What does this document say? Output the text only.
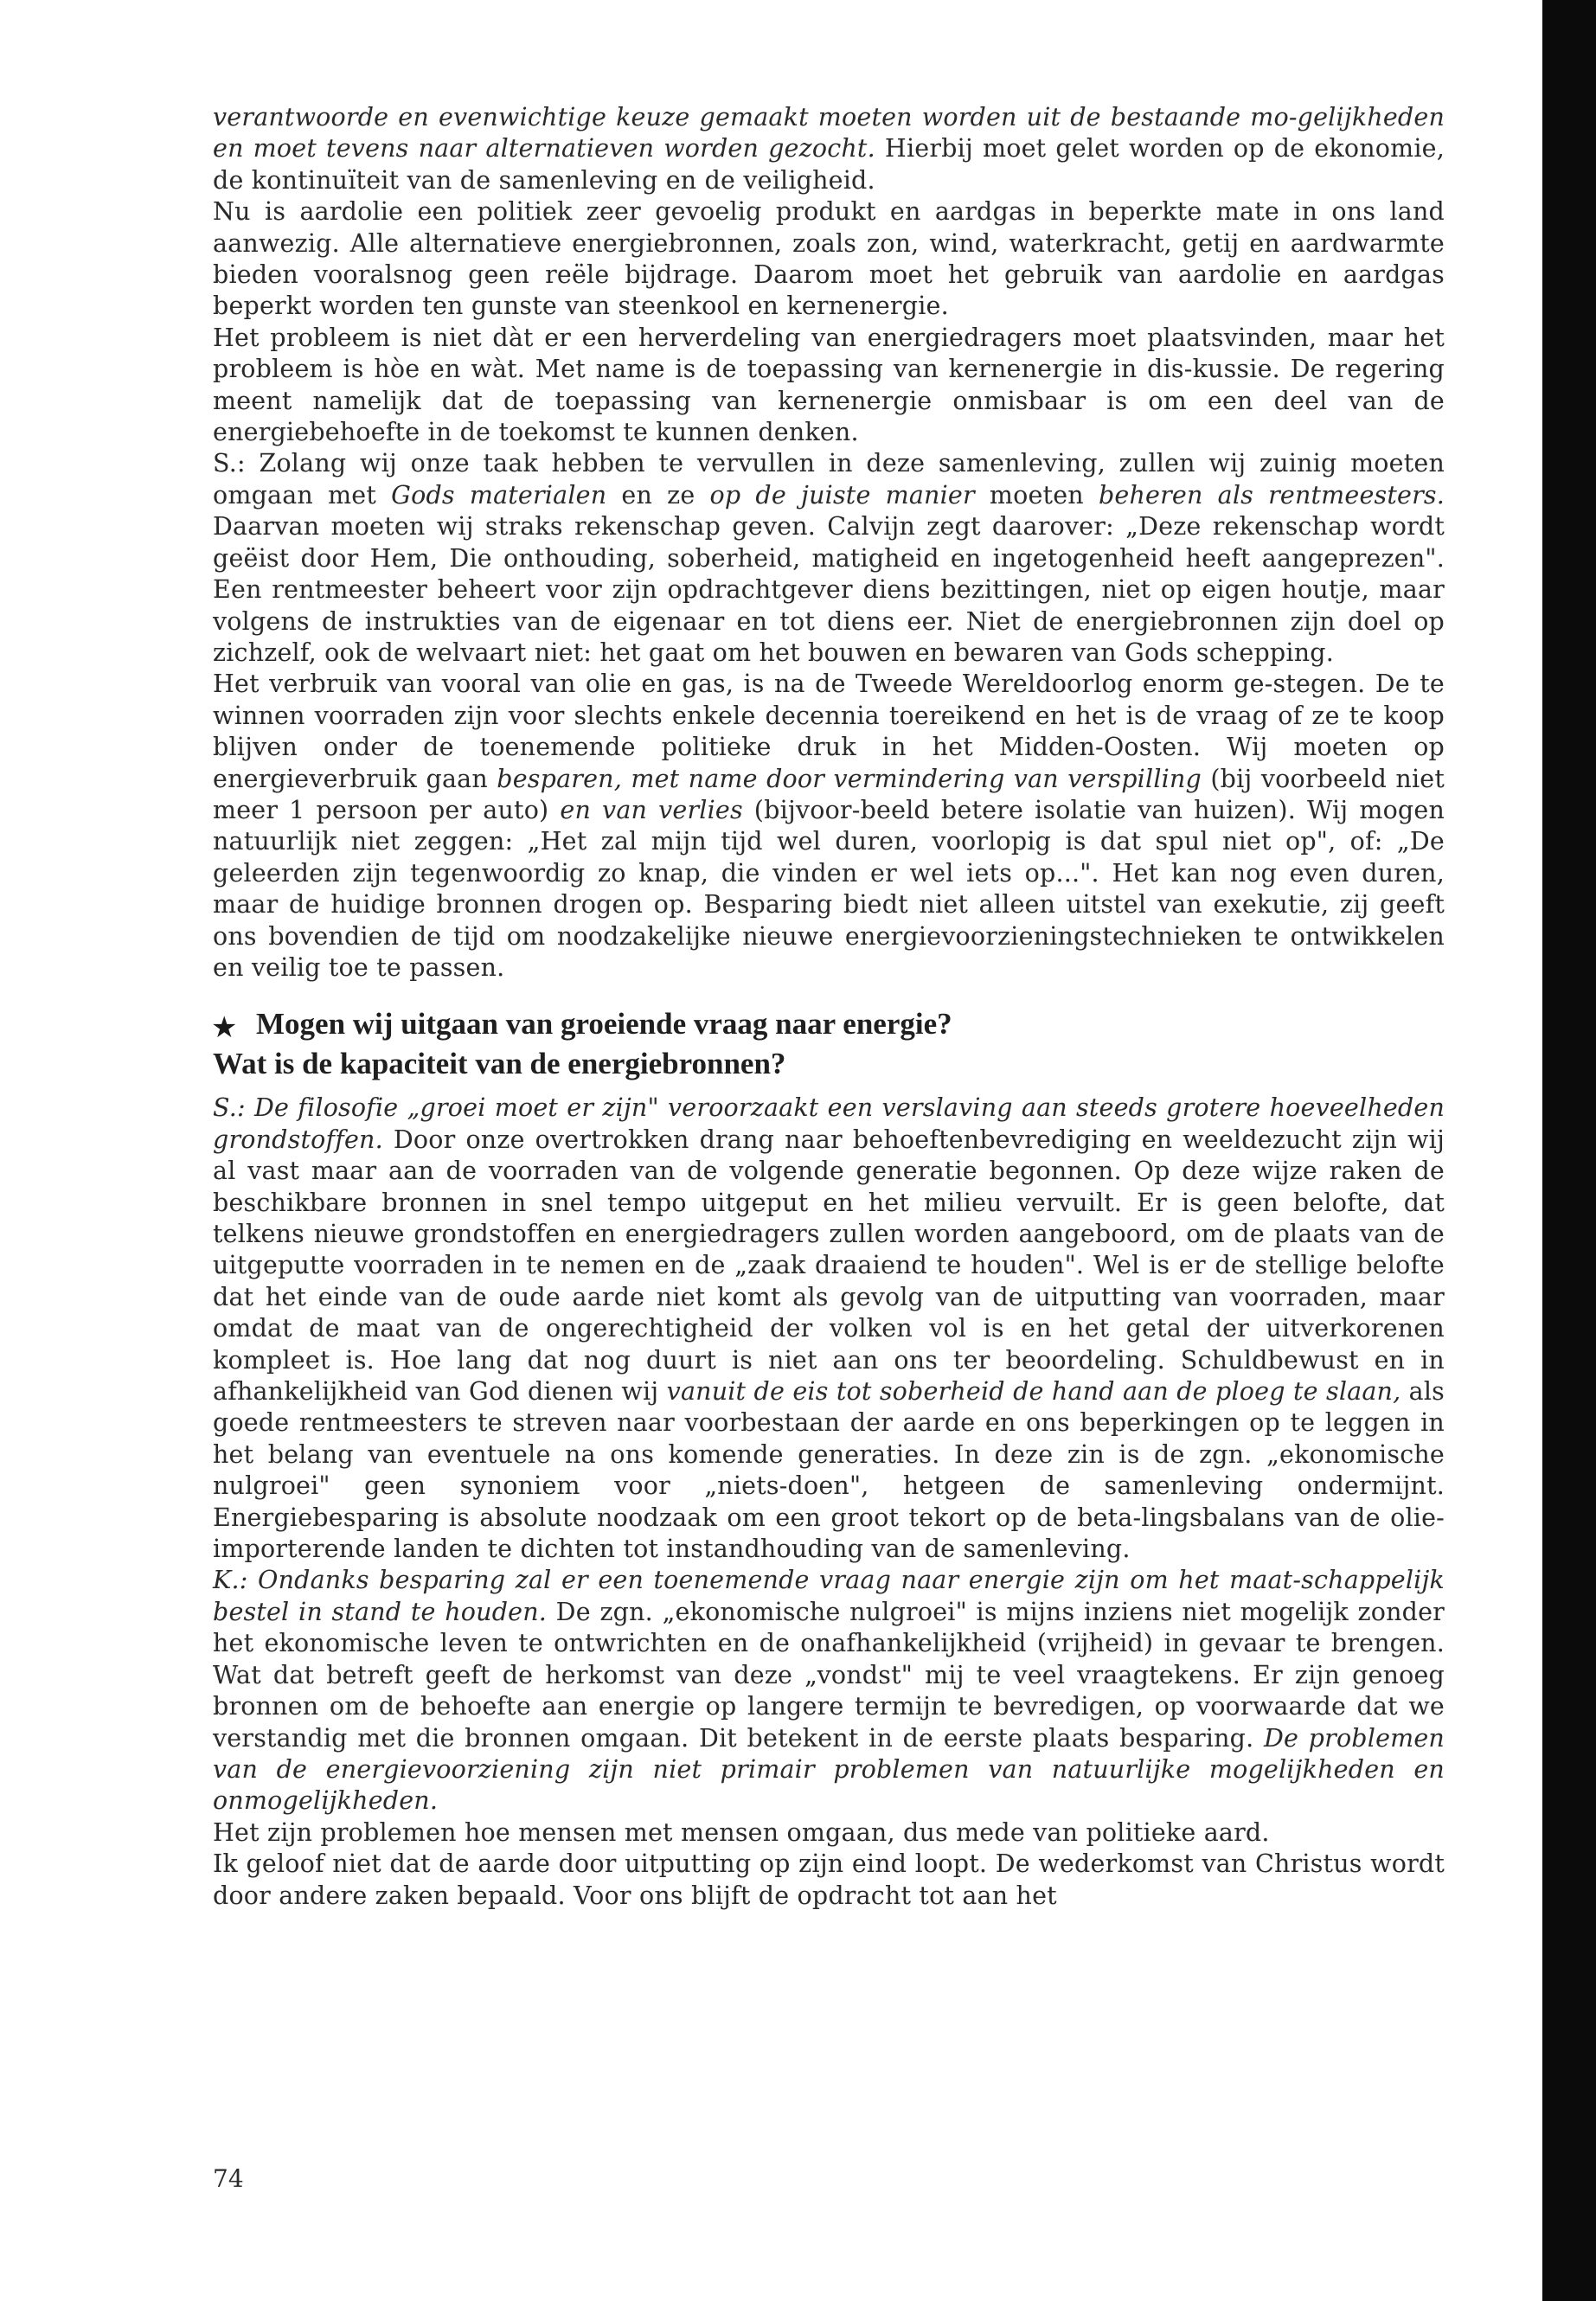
verantwoorde en evenwichtige keuze gemaakt moeten worden uit de bestaande mo-gelijkheden en moet tevens naar alternatieven worden gezocht. Hierbij moet gelet worden op de ekonomie, de kontinuïteit van de samenleving en de veiligheid.

Nu is aardolie een politiek zeer gevoelig produkt en aardgas in beperkte mate in ons land aanwezig. Alle alternatieve energiebronnen, zoals zon, wind, waterkracht, getij en aardwarmte bieden vooralsnog geen reële bijdrage. Daarom moet het gebruik van aardolie en aardgas beperkt worden ten gunste van steenkool en kernenergie.

Het probleem is niet dàt er een herverdeling van energiedragers moet plaatsvinden, maar het probleem is hòe en wàt. Met name is de toepassing van kernenergie in dis-kussie. De regering meent namelijk dat de toepassing van kernenergie onmisbaar is om een deel van de energiebehoefte in de toekomst te kunnen denken.

S.: Zolang wij onze taak hebben te vervullen in deze samenleving, zullen wij zuinig moeten omgaan met Gods materialen en ze op de juiste manier moeten beheren als rentmeesters. Daarvan moeten wij straks rekenschap geven. Calvijn zegt daarover: „Deze rekenschap wordt geëist door Hem, Die onthouding, soberheid, matigheid en ingetogenheid heeft aangeprezen". Een rentmeester beheert voor zijn opdrachtgever diens bezittingen, niet op eigen houtje, maar volgens de instrukties van de eigenaar en tot diens eer. Niet de energiebronnen zijn doel op zichzelf, ook de welvaart niet: het gaat om het bouwen en bewaren van Gods schepping.

Het verbruik van vooral van olie en gas, is na de Tweede Wereldoorlog enorm ge-stegen. De te winnen voorraden zijn voor slechts enkele decennia toereikend en het is de vraag of ze te koop blijven onder de toenemende politieke druk in het Midden-Oosten. Wij moeten op energieverbruik gaan besparen, met name door vermindering van verspilling (bij voorbeeld niet meer 1 persoon per auto) en van verlies (bijvoor-beeld betere isolatie van huizen). Wij mogen natuurlijk niet zeggen: „Het zal mijn tijd wel duren, voorlopig is dat spul niet op", of: „De geleerden zijn tegenwoordig zo knap, die vinden er wel iets op...". Het kan nog even duren, maar de huidige bronnen drogen op. Besparing biedt niet alleen uitstel van exekutie, zij geeft ons bovendien de tijd om noodzakelijke nieuwe energievoorzieningstechnieken te ontwikkelen en veilig toe te passen.

★ Mogen wij uitgaan van groeiende vraag naar energie?

Wat is de kapaciteit van de energiebronnen?

S.: De filosofie „groei moet er zijn" veroorzaakt een verslaving aan steeds grotere hoeveelheden grondstoffen. Door onze overtrokken drang naar behoeftenbevrediging en weeldezucht zijn wij al vast maar aan de voorraden van de volgende generatie begonnen. Op deze wijze raken de beschikbare bronnen in snel tempo uitgeput en het milieu vervuilt. Er is geen belofte, dat telkens nieuwe grondstoffen en energiedragers zullen worden aangeboord, om de plaats van de uitgeputte voorraden in te nemen en de „zaak draaiend te houden". Wel is er de stellige belofte dat het einde van de oude aarde niet komt als gevolg van de uitputting van voorraden, maar omdat de maat van de ongerechtigheid der volken vol is en het getal der uitverkorenen kompleet is. Hoe lang dat nog duurt is niet aan ons ter beoordeling. Schuldbewust en in afhankelijkheid van God dienen wij vanuit de eis tot soberheid de hand aan de ploeg te slaan, als goede rentmeesters te streven naar voorbestaan der aarde en ons beperkingen op te leggen in het belang van eventuele na ons komende generaties. In deze zin is de zgn. „ekonomische nulgroei" geen synoniem voor „niets-doen", hetgeen de samenleving ondermijnt. Energiebesparing is absolute noodzaak om een groot tekort op de beta-lingsbalans van de olie-importerende landen te dichten tot instandhouding van de samenleving.

K.: Ondanks besparing zal er een toenemende vraag naar energie zijn om het maat-schappelijk bestel in stand te houden. De zgn. „ekonomische nulgroei" is mijns inziens niet mogelijk zonder het ekonomische leven te ontwrichten en de onafhankelijkheid (vrijheid) in gevaar te brengen. Wat dat betreft geeft de herkomst van deze „vondst" mij te veel vraagtekens. Er zijn genoeg bronnen om de behoefte aan energie op langere termijn te bevredigen, op voorwaarde dat we verstandig met die bronnen omgaan. Dit betekent in de eerste plaats besparing. De problemen van de energievoorziening zijn niet primair problemen van natuurlijke mogelijkheden en onmogelijkheden.

Het zijn problemen hoe mensen met mensen omgaan, dus mede van politieke aard.

Ik geloof niet dat de aarde door uitputting op zijn eind loopt. De wederkomst van Christus wordt door andere zaken bepaald. Voor ons blijft de opdracht tot aan het

74
